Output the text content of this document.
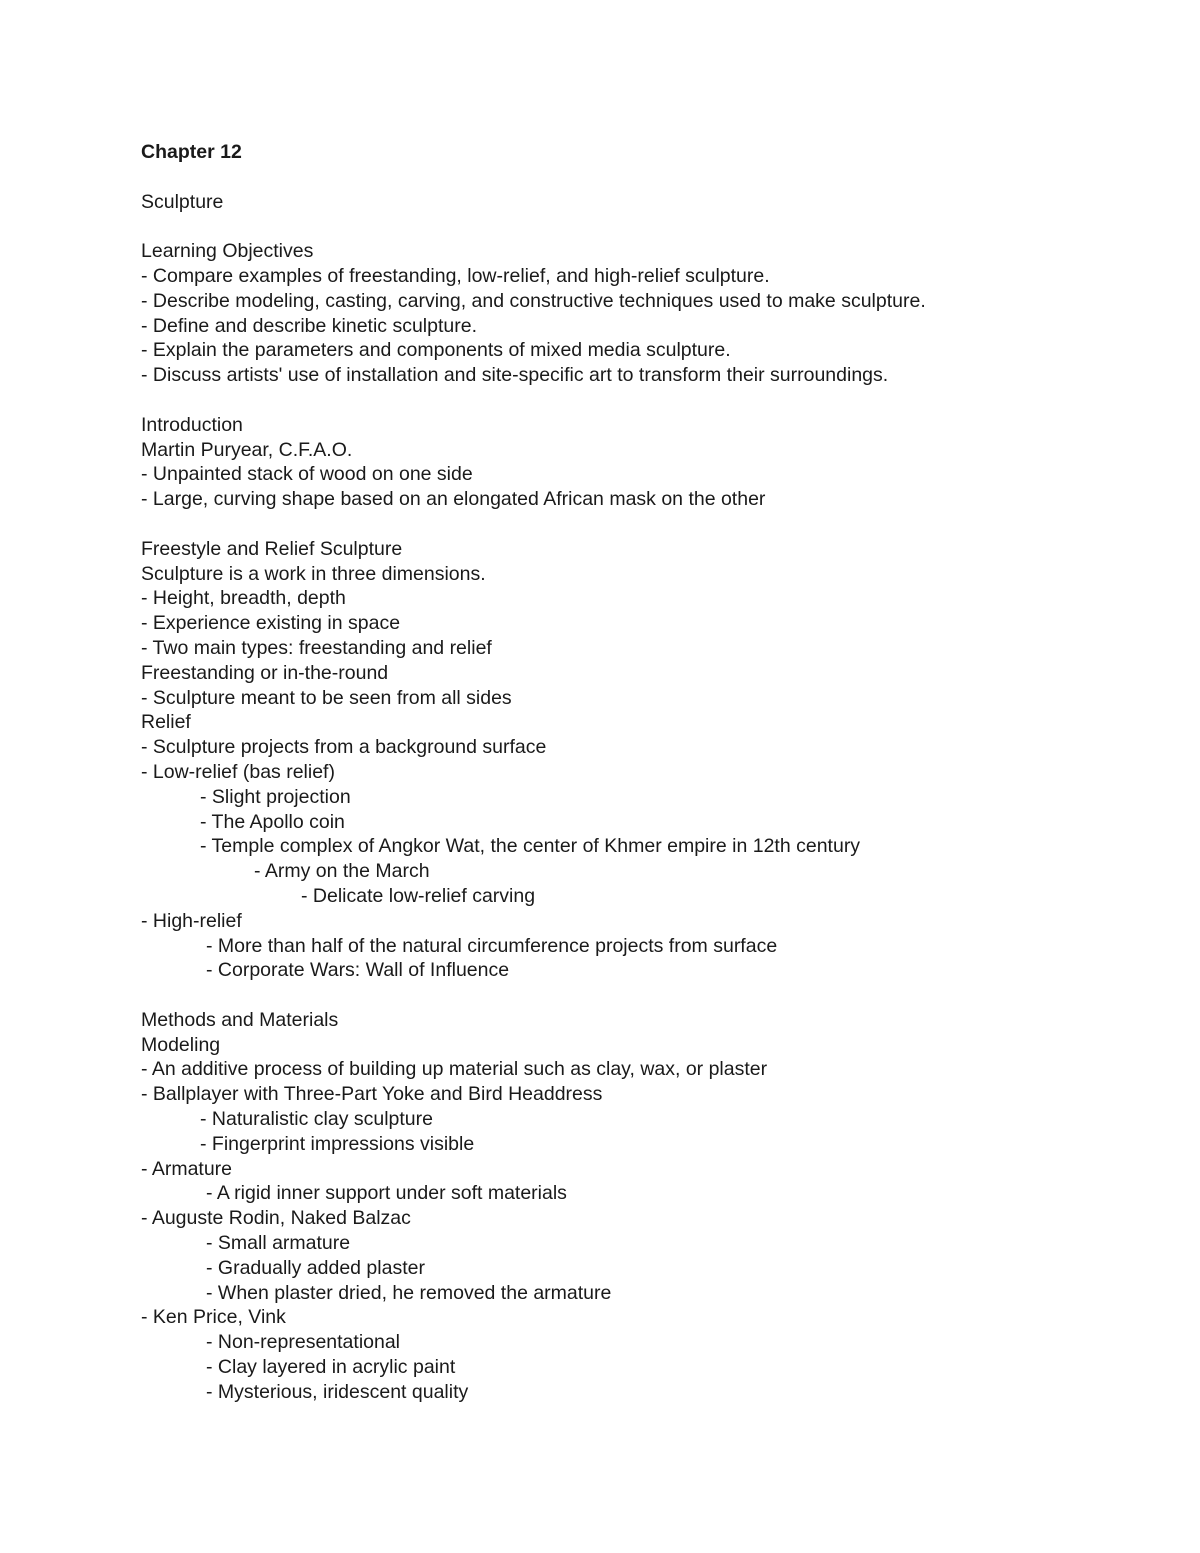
Chapter 12
Sculpture
Learning Objectives
- Compare examples of freestanding, low-relief, and high-relief sculpture.
- Describe modeling, casting, carving, and constructive techniques used to make sculpture.
- Define and describe kinetic sculpture.
- Explain the parameters and components of mixed media sculpture.
- Discuss artists' use of installation and site-specific art to transform their surroundings.
Introduction
Martin Puryear, C.F.A.O.
- Unpainted stack of wood on one side
- Large, curving shape based on an elongated African mask on the other
Freestyle and Relief Sculpture
Sculpture is a work in three dimensions.
- Height, breadth, depth
- Experience existing in space
- Two main types: freestanding and relief
Freestanding or in-the-round
- Sculpture meant to be seen from all sides
Relief
- Sculpture projects from a background surface
- Low-relief (bas relief)
- Slight projection
- The Apollo coin
- Temple complex of Angkor Wat, the center of Khmer empire in 12th century
- Army on the March
- Delicate low-relief carving
- High-relief
- More than half of the natural circumference projects from surface
- Corporate Wars: Wall of Influence
Methods and Materials
Modeling
- An additive process of building up material such as clay, wax, or plaster
- Ballplayer with Three-Part Yoke and Bird Headdress
- Naturalistic clay sculpture
- Fingerprint impressions visible
- Armature
- A rigid inner support under soft materials
- Auguste Rodin, Naked Balzac
- Small armature
- Gradually added plaster
- When plaster dried, he removed the armature
- Ken Price, Vink
- Non-representational
- Clay layered in acrylic paint
- Mysterious, iridescent quality
